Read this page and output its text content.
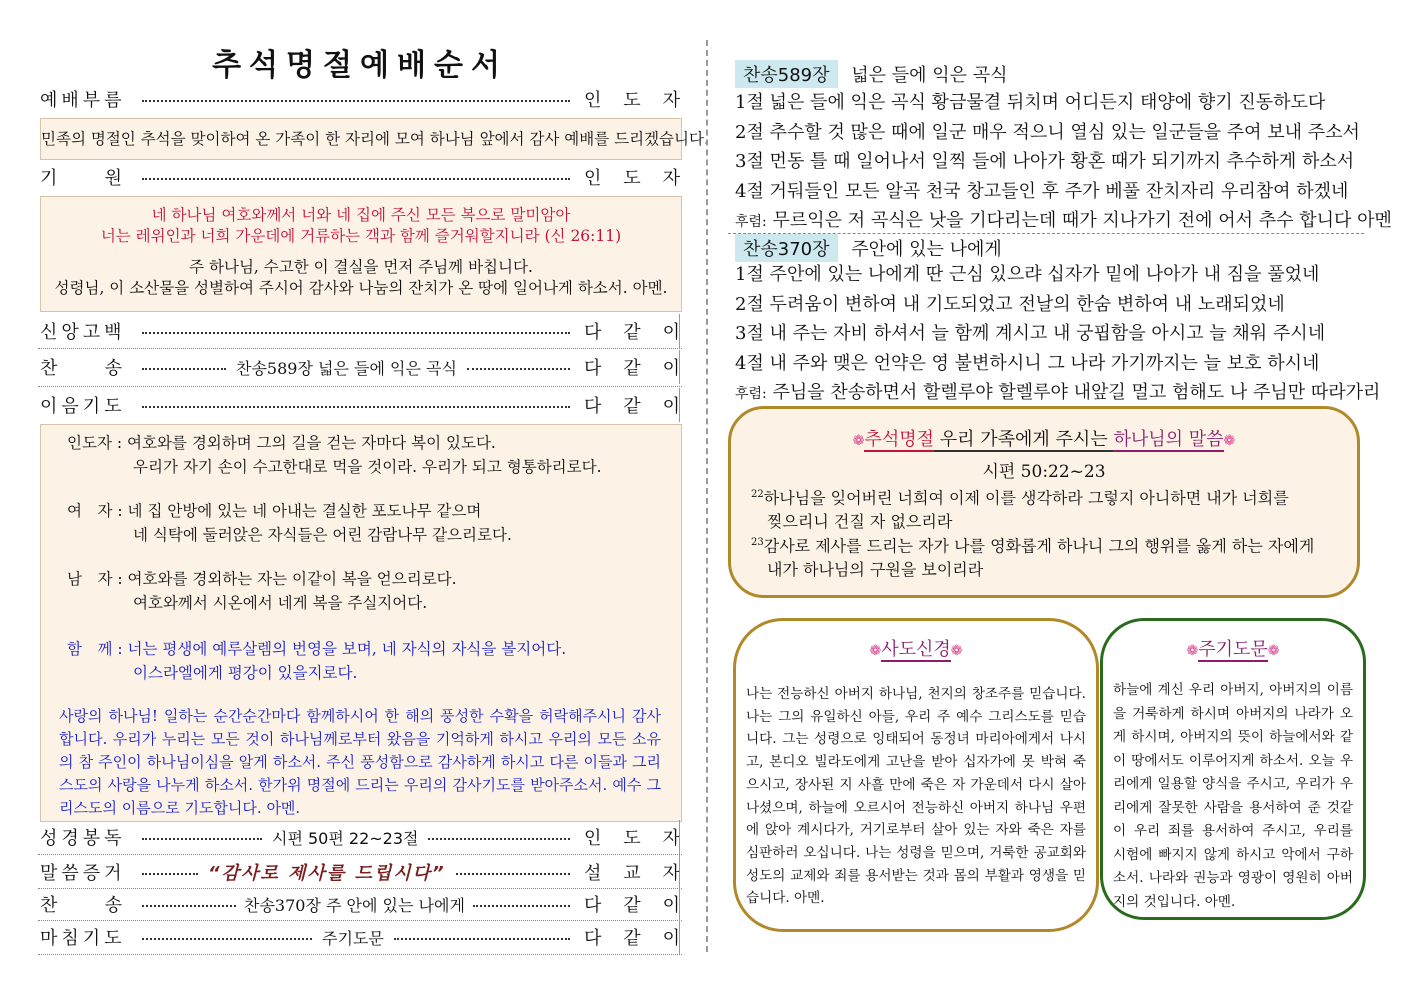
추석명절예배순서
예배부름	인 도 자
민족의 명절인 추석을 맞이하여 온 가족이 한 자리에 모여 하나님 앞에서 감사 예배를 드리겠습니다.
기	원	인 도 자
네 하나님 여호와께서 너와 네 집에 주신 모든 복으로 말미암아
너는 레위인과 너희 가운데에 거류하는 객과 함께 즐거워할지니라 (신 26:11)
주 하나님, 수고한 이 결실을 먼저 주님께 바칩니다.
성령님, 이 소산물을 성별하여 주시어 감사와 나눔의 잔치가 온 땅에 일어나게 하소서. 아멘.
신앙고백	다 같 이
찬	송	찬송589장 넓은 들에 익은 곡식	다 같 이
이음기도	다 같 이
인도자 : 여호와를 경외하며 그의 길을 걷는 자마다 복이 있도다.
우리가 자기 손이 수고한대로 먹을 것이라. 우리가 되고 형통하리로다.
여　자 : 네 집 안방에 있는 네 아내는 결실한 포도나무 같으며
네 식탁에 둘러앉은 자식들은 어린 감람나무 같으리로다.
남　자 : 여호와를 경외하는 자는 이같이 복을 얻으리로다.
여호와께서 시온에서 네게 복을 주실지어다.
함　께 : 너는 평생에 예루살렘의 번영을 보며, 네 자식의 자식을 볼지어다.
이스라엘에게 평강이 있을지로다.
사랑의 하나님! 일하는 순간순간마다 함께하시어 한 해의 풍성한 수확을 허락해주시니 감사합니다. 우리가 누리는 모든 것이 하나님께로부터 왔음을 기억하게 하시고 우리의 모든 소유의 참 주인이 하나님이심을 알게 하소서. 주신 풍성함으로 감사하게 하시고 다른 이들과 그리스도의 사랑을 나누게 하소서. 한가위 명절에 드리는 우리의 감사기도를 받아주소서. 예수 그리스도의 이름으로 기도합니다. 아멘.
성경봉독	시편 50편 22~23절	인 도 자
말씀증거	“감사로 제사를 드립시다”	설 교 자
찬	송	찬송370장 주 안에 있는 나에게	다 같 이
마침기도	주기도문	다 같 이
찬송589장 넓은 들에 익은 곡식
1절 넓은 들에 익은 곡식 황금물결 뒤치며 어디든지 태양에 향기 진동하도다
2절 추수할 것 많은 때에 일군 매우 적으니 열심 있는 일군들을 주여 보내 주소서
3절 먼동 틀 때 일어나서 일찍 들에 나아가 황혼 때가 되기까지 추수하게 하소서
4절 거둬들인 모든 알곡 천국 창고들인 후 주가 베풀 잔치자리 우리참여 하겠네
후렴: 무르익은 저 곡식은 낫을 기다리는데 때가 지나가기 전에 어서 추수 합니다 아멘
찬송370장 주안에 있는 나에게
1절 주안에 있는 나에게 딴 근심 있으랴 십자가 밑에 나아가 내 짐을 풀었네
2절 두려움이 변하여 내 기도되었고 전날의 한숨 변하여 내 노래되었네
3절 내 주는 자비 하셔서 늘 함께 계시고 내 궁핍함을 아시고 늘 채워 주시네
4절 내 주와 맺은 언약은 영 불변하시니 그 나라 가기까지는 늘 보호 하시네
후렴: 주님을 찬송하면서 할렐루야 할렐루야 내앞길 멀고 험해도 나 주님만 따라가리
❁추석명절 우리 가족에게 주시는 하나님의 말씀❁
시편 50:22~23
$^{22}$하나님을 잊어버린 너희여 이제 이를 생각하라 그렇지 아니하면 내가 너희를
찢으리니 건질 자 없으리라
$^{23}$감사로 제사를 드리는 자가 나를 영화롭게 하나니 그의 행위를 옳게 하는 자에게
내가 하나님의 구원을 보이리라
❁사도신경❁
나는 전능하신 아버지 하나님, 천지의 창조주를 믿습니다. 나는 그의 유일하신 아들, 우리 주 예수 그리스도를 믿습니다. 그는 성령으로 잉태되어 동정녀 마리아에게서 나시고, 본디오 빌라도에게 고난을 받아 십자가에 못 박혀 죽으시고, 장사된 지 사흘 만에 죽은 자 가운데서 다시 살아나셨으며, 하늘에 오르시어 전능하신 아버지 하나님 우편에 앉아 계시다가, 거기로부터 살아 있는 자와 죽은 자를 심판하러 오십니다. 나는 성령을 믿으며, 거룩한 공교회와 성도의 교제와 죄를 용서받는 것과 몸의 부활과 영생을 믿습니다. 아멘.
❁주기도문❁
하늘에 계신 우리 아버지, 아버지의 이름을 거룩하게 하시며 아버지의 나라가 오게 하시며, 아버지의 뜻이 하늘에서와 같이 땅에서도 이루어지게 하소서. 오늘 우리에게 일용할 양식을 주시고, 우리가 우리에게 잘못한 사람을 용서하여 준 것같이 우리 죄를 용서하여 주시고, 우리를 시험에 빠지지 않게 하시고 악에서 구하소서. 나라와 권능과 영광이 영원히 아버지의 것입니다. 아멘.
